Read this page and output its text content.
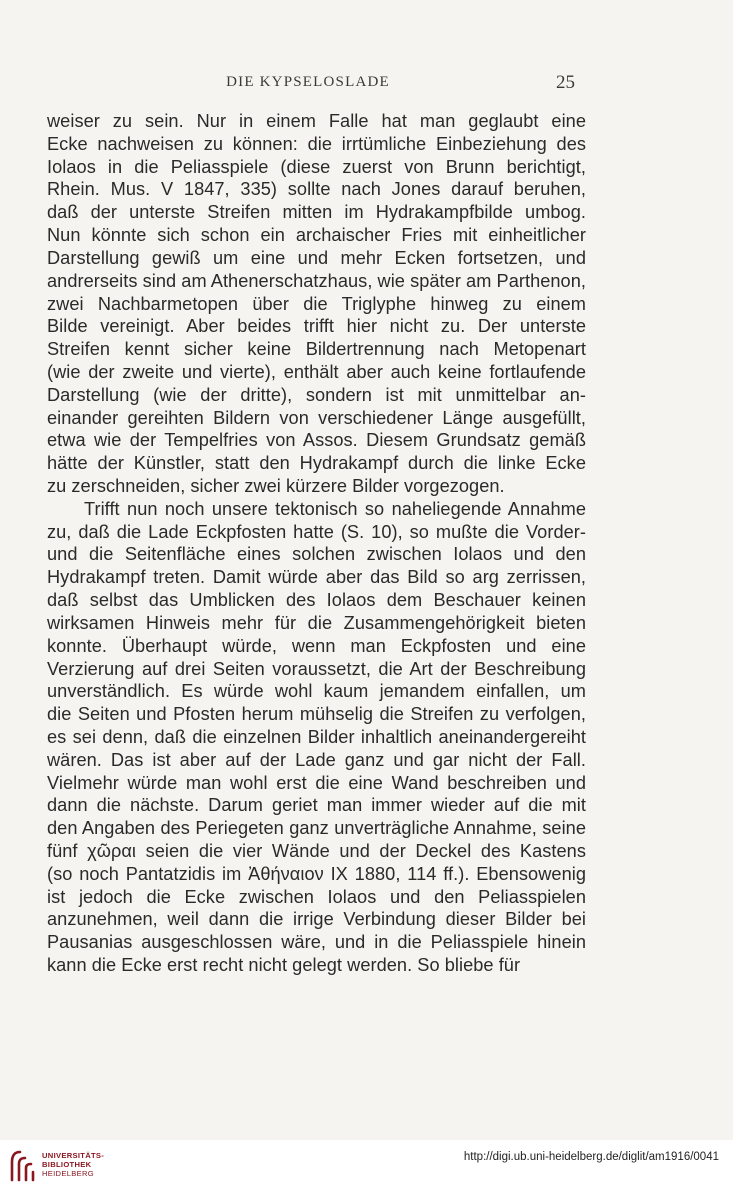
DIE KYPSELOSLADE	25
weiser zu sein. Nur in einem Falle hat man geglaubt eine
Ecke nachweisen zu können: die irrtümliche Einbeziehung des
Iolaos in die Peliasspiele (diese zuerst von Brunn berichtigt,
Rhein. Mus. V 1847, 335) sollte nach Jones darauf beruhen,
daß der unterste Streifen mitten im Hydrakampfbilde umbog.
Nun könnte sich schon ein archaischer Fries mit einheitlicher
Darstellung gewiß um eine und mehr Ecken fortsetzen, und
andrerseits sind am Athenerschatzhaus, wie später am Parthenon,
zwei Nachbarmetopen über die Triglyphe hinweg zu einem
Bilde vereinigt. Aber beides trifft hier nicht zu. Der unterste
Streifen kennt sicher keine Bildertrennung nach Metopenart
(wie der zweite und vierte), enthält aber auch keine fortlaufende
Darstellung (wie der dritte), sondern ist mit unmittelbar an-
einander gereihten Bildern von verschiedener Länge ausgefüllt,
etwa wie der Tempelfries von Assos. Diesem Grundsatz gemäß
hätte der Künstler, statt den Hydrakampf durch die linke Ecke
zu zerschneiden, sicher zwei kürzere Bilder vorgezogen.
Trifft nun noch unsere tektonisch so naheliegende Annahme
zu, daß die Lade Eckpfosten hatte (S. 10), so mußte die Vorder-
und die Seitenfläche eines solchen zwischen Iolaos und den
Hydrakampf treten. Damit würde aber das Bild so arg zerrissen,
daß selbst das Umblicken des Iolaos dem Beschauer keinen
wirksamen Hinweis mehr für die Zusammengehörigkeit bieten
konnte. Überhaupt würde, wenn man Eckpfosten und eine
Verzierung auf drei Seiten voraussetzt, die Art der Beschreibung
unverständlich. Es würde wohl kaum jemandem einfallen, um
die Seiten und Pfosten herum mühselig die Streifen zu verfolgen,
es sei denn, daß die einzelnen Bilder inhaltlich aneinandergereiht
wären. Das ist aber auf der Lade ganz und gar nicht der Fall.
Vielmehr würde man wohl erst die eine Wand beschreiben und
dann die nächste. Darum geriet man immer wieder auf die mit
den Angaben des Periegeten ganz unverträgliche Annahme, seine
fünf χῶραι seien die vier Wände und der Deckel des Kastens
(so noch Pantatzidis im Ἀθήναιον IX 1880, 114 ff.). Ebensowenig
ist jedoch die Ecke zwischen Iolaos und den Peliasspielen
anzunehmen, weil dann die irrige Verbindung dieser Bilder bei
Pausanias ausgeschlossen wäre, und in die Peliasspiele hinein
kann die Ecke erst recht nicht gelegt werden. So bliebe für
UNIVERSITÄTS-
BIBLIOTHEK
HEIDELBERG
http://digi.ub.uni-heidelberg.de/diglit/am1916/0041
